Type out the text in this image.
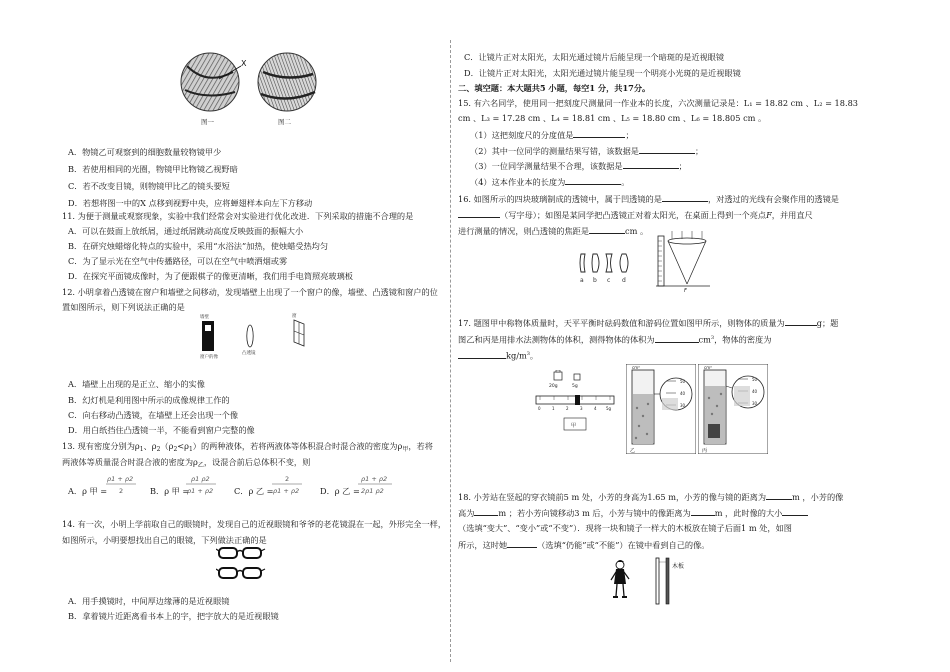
X
图一	图二
A．物镜乙可观察到的细胞数量较物镜甲少
B．若使用相同的光圈，物镜甲比物镜乙视野暗
C．若不改变目镜，则物镜甲比乙的镜头要短
D．若想将图一中的X 点移到视野中央，应将蝉翅样本向左下方移动
11. 为便于测量或观察现象，实验中我们经常会对实验进行优化改进．下列采取的措施不合理的是
A．可以在鼓面上放纸屑，通过纸屑跳动高度反映鼓面的振幅大小
B．在研究烛蜡熔化特点的实验中，采用“水浴法”加热，使烛蜡受热均匀
C．为了显示光在空气中传播路径，可以在空气中喷洒烟或雾
D．在探究平面镜成像时，为了便跟棋子的像更清晰，我们用手电筒照亮玻璃板
12. 小明拿着凸透镜在窗户和墙壁之间移动，发现墙壁上出现了一个窗户的像，墙壁、凸透镜和窗户的位
置如图所示，则下列说法正确的是
墙壁
窗户的像
凸透镜
窗
A．墙壁上出现的是正立、缩小的实像
B．幻灯机是利用图中所示的成像规律工作的
C．向右移动凸透镜，在墙壁上还会出现一个像
D．用白纸挡住凸透镜一半，不能看到窗户完整的像
13. 现有密度分别为$\rho_1$、$\rho_2(\rho_2<\rho_1)$的两种液体，若将两液体等体积混合时混合液的密度为$\rho_甲$，若将
两液体等质量混合时混合液的密度为$\rho_乙$，设混合前后总体积不变，则
A．ρ 甲 =
ρ1 + ρ2
2	B．ρ 甲 =
ρ1 ρ2
ρ1 + ρ2	C．ρ 乙 =
2
ρ1 + ρ2	D．ρ 乙 =
ρ1 + ρ2
2ρ1 ρ2
14. 有一次，小明上学前取自己的眼镜时，发现自己的近视眼镜和爷爷的老花镜混在一起，外形完全一样，
如图所示，小明要想找出自己的眼镜，下列做法正确的是
A．用手摸镜时，中间厚边缘薄的是近视眼镜
B．拿着镜片近距离看书本上的字，把字放大的是近视眼镜
C．让镜片正对太阳光，太阳光通过镜片后能呈现一个暗斑的是近视眼镜
D．让镜片正对太阳光，太阳光通过镜片能呈现一个明亮小光斑的是近视眼镜
二、填空题：本大题共5 小题，每空1 分，共17分。
15. 有六名同学，使用同一把刻度尺测量同一作业本的长度，六次测量记录是：L₁ = 18.82 cm 、L₂ = 18.83
cm 、L₃ = 17.28 cm 、L₄ = 18.81 cm 、L₅ = 18.80 cm 、L₆ = 18.805 cm 。
（1）这把刻度尺的分度值是	；
（2）其中一位同学的测量结果写错，该数据是	；
（3）一位同学测量结果不合理，该数据是	；
（4）这本作业本的长度为	。
16. 如图所示的四块玻璃制成的透镜中，属于凹透镜的是	，对透过的光线有会聚作用的透镜是
（写字母）；如图是某同学把凸透镜正对着太阳光，在桌面上得到一个亮点F，并用直尺
进行测量的情况，则凸透镜的焦距是	cm 。
a b c d
F
17. 题图甲中称物体质量时，天平平衡时砝码数值和游码位置如图甲所示，则物体的质量为	g；题
图乙和丙是用排水法测物体的体积，测得物体的体积为	$cm^3$，物体的密度为
$kg/m^3$。
20g	5g
0	1	2	3	4 5g
甲
cm³
50
40
30
乙
cm³
50
40
30
丙
18. 小芳站在竖起的穿衣镜前5 m 处，小芳的身高为1.65 m，小芳的像与镜的距离为	m ，小芳的像
高为	m ；若小芳向镜移动3 m 后，小芳与镜中的像距离为	m ，此时像的大小
（选填“变大”、“变小”或“不变”）．现将一块和镜子一样大的木板放在镜子后面1 m 处，如图
所示，这时她	（选填“仍能”或“不能”）在镜中看到自己的像。
木板
